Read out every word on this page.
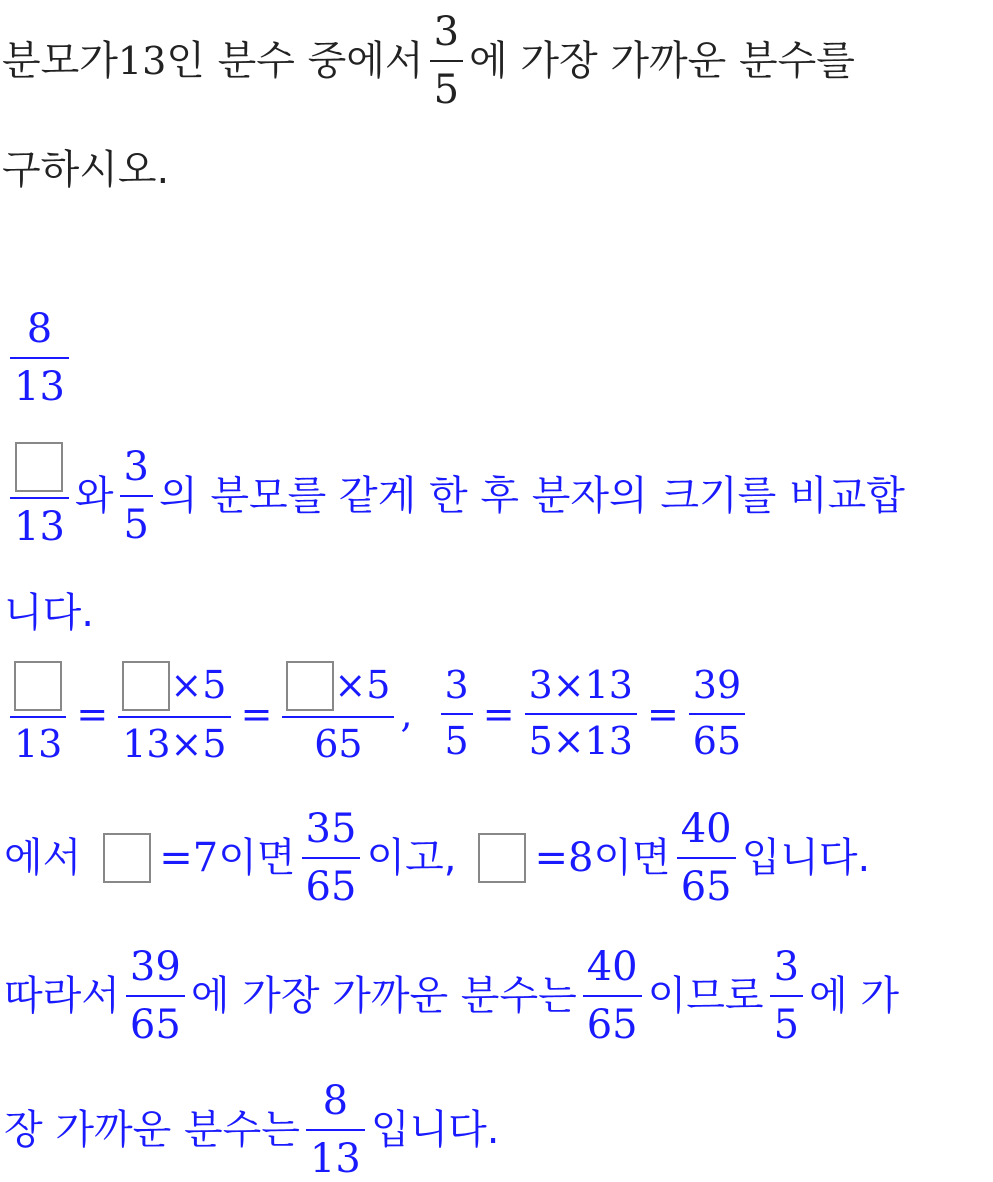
분모가 13 인 분수 중에서 $\frac{3}{5}$ 에 가장 가까운 분수를
구하시오.
$\frac{8}{13}$
13
와 $\frac{3}{5}$ 의 분모를 같게 한 후 분자의 크기를 비교합
니다.
13
= $\frac{\times 5}{13\times 5} = \frac{\times 5}{65}$ , $\frac{3}{5} = \frac{3\times 13}{5\times 13} = \frac{39}{65}$
에서 =7이면 $\frac{35}{65}$ 이고, =8이면 $\frac{40}{65}$ 입니다.
따라서 $\frac{39}{65}$ 에 가장 가까운 분수는 $\frac{40}{65}$ 이므로 $\frac{3}{5}$ 에 가
장 가까운 분수는 $\frac{8}{13}$ 입니다.
